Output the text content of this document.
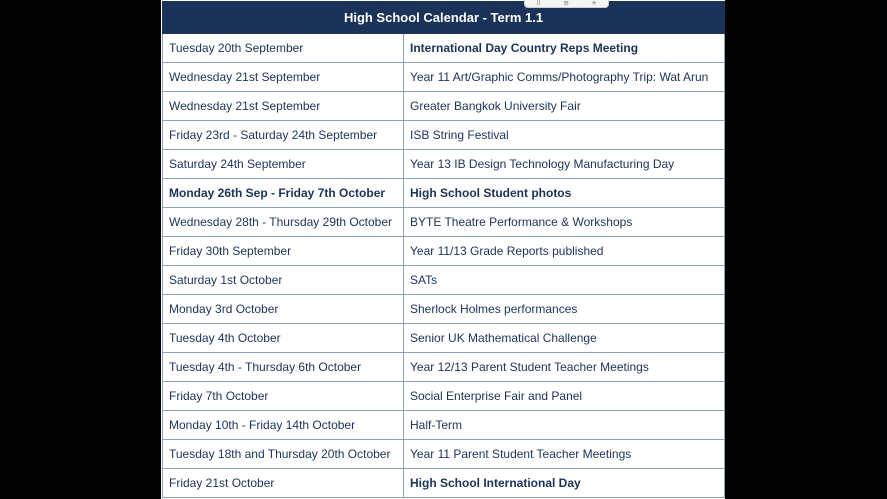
⠿	≡	+
High School Calendar - Term 1.1	
Tuesday 20th September	International Day Country Reps Meeting
Wednesday 21st September	Year 11 Art/Graphic Comms/Photography Trip: Wat Arun
Wednesday 21st September	Greater Bangkok University Fair
Friday 23rd - Saturday 24th September	ISB String Festival
Saturday 24th September	Year 13 IB Design Technology Manufacturing Day
Monday 26th Sep - Friday 7th October	High School Student photos
Wednesday 28th - Thursday 29th October	BYTE Theatre Performance & Workshops
Friday 30th September	Year 11/13 Grade Reports published
Saturday 1st October	SATs
Monday 3rd October	Sherlock Holmes performances
Tuesday 4th October	Senior UK Mathematical Challenge
Tuesday 4th - Thursday 6th October	Year 12/13 Parent Student Teacher Meetings
Friday 7th October	Social Enterprise Fair and Panel
Monday 10th - Friday 14th October	Half-Term
Tuesday 18th and Thursday 20th October	Year 11 Parent Student Teacher Meetings
Friday 21st October	High School International Day
